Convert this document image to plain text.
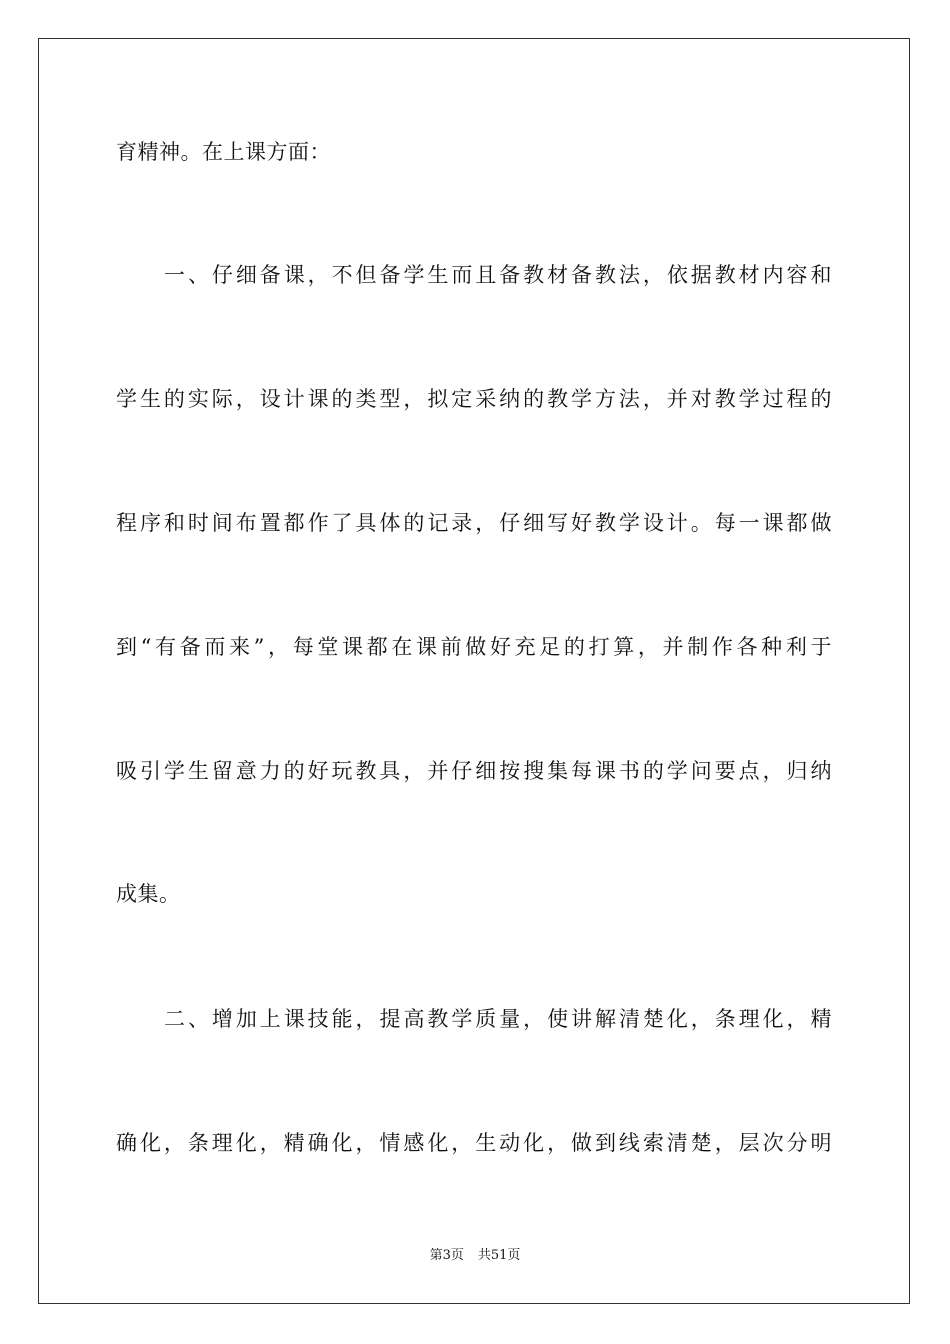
育精神。在上课方面：
一、仔细备课，不但备学生而且备教材备教法，依据教材内容和
学生的实际，设计课的类型，拟定采纳的教学方法，并对教学过程的
程序和时间布置都作了具体的记录，仔细写好教学设计。每一课都做
到“有备而来”，每堂课都在课前做好充足的打算，并制作各种利于
吸引学生留意力的好玩教具，并仔细按搜集每课书的学问要点，归纳
成集。
二、增加上课技能，提高教学质量，使讲解清楚化，条理化，精
确化，条理化，精确化，情感化，生动化，做到线索清楚，层次分明
第3页 共51页
